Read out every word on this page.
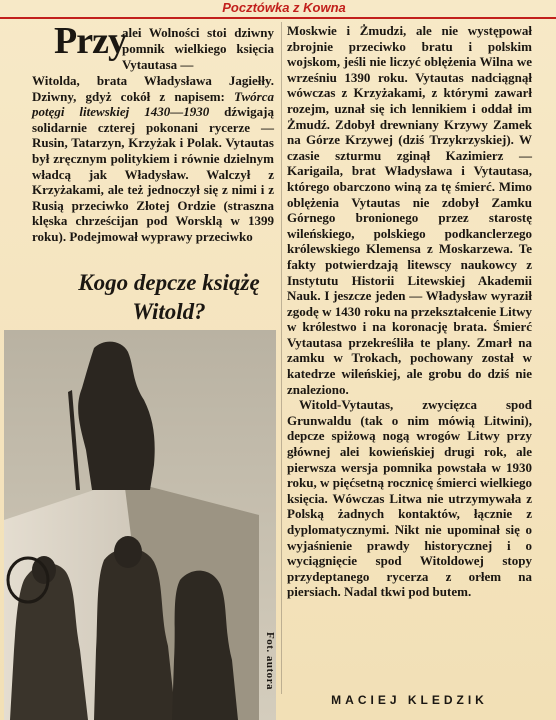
Pocztówka z Kowna
Przy
alei Wolności stoi dziwny pomnik wielkiego księcia Vytautasa —
Witolda, brata Władysława Jagiełły. Dziwny, gdyż cokół z napisem: Twórca potęgi litewskiej 1430—1930 dźwigają solidarnie czterej pokonani rycerze — Rusin, Tatarzyn, Krzyżak i Polak. Vytautas był zręcznym politykiem i równie dzielnym władcą jak Władysław. Walczył z Krzyżakami, ale też jednoczył się z nimi i z Rusią przeciwko Złotej Ordzie (straszna klęska chrześcijan pod Worsklą w 1399 roku). Podejmował wyprawy przeciwko
Kogo depcze książę Witold?
Fot. autora

Moskwie i Żmudzi, ale nie występował zbrojnie przeciwko bratu i polskim wojskom, jeśli nie liczyć oblężenia Wilna we wrześniu 1390 roku. Vytautas nadciągnął wówczas z Krzyżakami, z którymi zawarł rozejm, uznał się ich lennikiem i oddał im Żmudź. Zdobył drewniany Krzywy Zamek na Górze Krzywej (dziś Trzykrzyskiej). W czasie szturmu zginął Kazimierz — Karigaila, brat Władysława i Vytautasa, którego obarczono winą za tę śmierć. Mimo oblężenia Vytautas nie zdobył Zamku Górnego bronionego przez starostę wileńskiego, polskiego podkanclerzego królewskiego Klemensa z Moskarzewa. Te fakty potwierdzają litewscy naukowcy z Instytutu Historii Litewskiej Akademii Nauk. I jeszcze jeden — Władysław wyraził zgodę w 1430 roku na przekształcenie Litwy w królestwo i na koronację brata. Śmierć Vytautasa przekreśliła te plany. Zmarł na zamku w Trokach, pochowany został w katedrze wileńskiej, ale grobu do dziś nie znaleziono.

Witold-Vytautas, zwycięzca spod Grunwaldu (tak o nim mówią Litwini), depcze spiżową nogą wrogów Litwy przy głównej alei kowieńskiej drugi rok, ale pierwsza wersja pomnika powstała w 1930 roku, w pięćsetną rocznicę śmierci wielkiego księcia. Wówczas Litwa nie utrzymywała z Polską żadnych kontaktów, łącznie z dyplomatycznymi. Nikt nie upominał się o wyjaśnienie prawdy historycznej i o wyciągnięcie spod Witoldowej stopy przydeptanego rycerza z orłem na piersiach. Nadal tkwi pod butem.

MACIEJ KLEDZIK
